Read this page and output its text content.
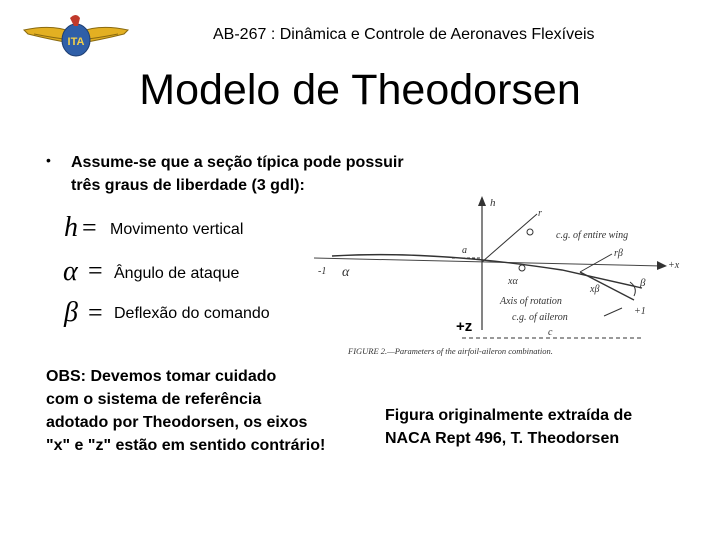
ITA	AB-267 : Dinâmica e Controle de Aeronaves Flexíveis
Modelo de Theodorsen
• Assume-se que a seção típica pode possuir
três graus de liberdade (3 gdl):
h = Movimento vertical
α = Ângulo de ataque
β = Deflexão do comando
h
-1 α
a
c.g. of entire wing
r
xα
rβ
xβ
+x
β
Axis of rotation
c.g. of aileron
+1
c
FIGURE 2.—Parameters of the airfoil-aileron combination.
+z
OBS: Devemos tomar cuidado
com o sistema de referência
adotado por Theodorsen, os eixos
"x" e "z" estão em sentido contrário!
Figura originalmente extraída de
NACA Rept 496, T. Theodorsen
